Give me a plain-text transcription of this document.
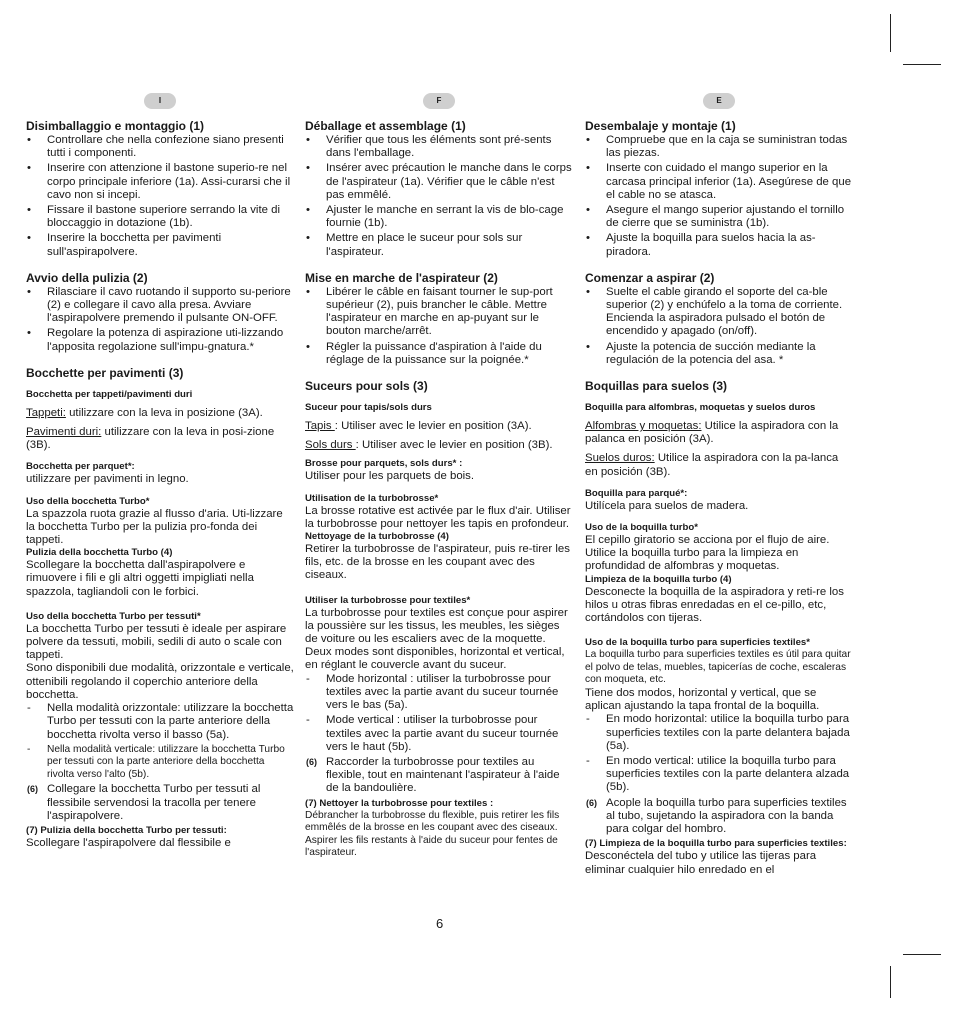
I
Disimballaggio e montaggio (1)
• Controllare che nella confezione siano presenti tutti i componenti.
• Inserire con attenzione il bastone superio-re nel corpo principale inferiore (1a). Assi-curarsi che il cavo non si incepi.
• Fissare il bastone superiore serrando la vite di bloccaggio in dotazione (1b).
• Inserire la bocchetta per pavimenti sull'aspirapolvere.
Avvio della pulizia (2)
• Rilasciare il cavo ruotando il supporto su-periore (2) e collegare il cavo alla presa. Avviare l'aspirapolvere premendo il pulsante ON-OFF.
• Regolare la potenza di aspirazione uti-lizzando l'apposita regolazione sull'impu-gnatura.*
Bocchette per pavimenti (3)
Bocchetta per tappeti/pavimenti duri

Tappeti: utilizzare con la leva in posizione (3A).

Pavimenti duri: utilizzare con la leva in posi-zione (3B).

Bocchetta per parquet*:

utilizzare per pavimenti in legno.

Uso della bocchetta Turbo*

La spazzola ruota grazie al flusso d'aria. Uti-lizzare la bocchetta Turbo per la pulizia pro-fonda dei tappeti.

Pulizia della bocchetta Turbo (4)

Scollegare la bocchetta dall'aspirapolvere e rimuovere i fili e gli altri oggetti impigliati nella spazzola, tagliandoli con le forbici.

Uso della bocchetta Turbo per tessuti*

La bocchetta Turbo per tessuti è ideale per aspirare polvere da tessuti, mobili, sedili di auto o scale con tappeti.

Sono disponibili due modalità, orizzontale e verticale, ottenibili regolando il coperchio anteriore della bocchetta.

- Nella modalità orizzontale: utilizzare la bocchetta Turbo per tessuti con la parte anteriore della bocchetta rivolta verso il basso (5a).
- Nella modalità verticale: utilizzare la bocchetta Turbo per tessuti con la parte anteriore della bocchetta rivolta verso l'alto (5b).
(6) Collegare la bocchetta Turbo per tessuti al flessibile servendosi la tracolla per tenere l'aspirapolvere.
(7) Pulizia della bocchetta Turbo per tessuti:

Scollegare l'aspirapolvere dal flessibile e

F
Déballage et assemblage (1)
• Vérifier que tous les éléments sont pré-sents dans l'emballage.
• Insérer avec précaution le manche dans le corps de l'aspirateur (1a). Vérifier que le câble n'est pas emmêlé.
• Ajuster le manche en serrant la vis de blo-cage fournie (1b).
• Mettre en place le suceur pour sols sur l'aspirateur.
Mise en marche de l'aspirateur (2)
• Libérer le câble en faisant tourner le sup-port supérieur (2), puis brancher le câble. Mettre l'aspirateur en marche en ap-puyant sur le bouton marche/arrêt.
• Régler la puissance d'aspiration à l'aide du réglage de la puissance sur la poignée.*
Suceurs pour sols (3)
Suceur pour tapis/sols durs

Tapis : Utiliser avec le levier en position (3A).

Sols durs : Utiliser avec le levier en position (3B).

Brosse pour parquets, sols durs* :

Utiliser pour les parquets de bois.

Utilisation de la turbobrosse*

La brosse rotative est activée par le flux d'air. Utiliser la turbobrosse pour nettoyer les tapis en profondeur.

Nettoyage de la turbobrosse (4)

Retirer la turbobrosse de l'aspirateur, puis re-tirer les fils, etc. de la brosse en les coupant avec des ciseaux.

Utiliser la turbobrosse pour textiles*

La turbobrosse pour textiles est conçue pour aspirer la poussière sur les tissus, les meubles, les sièges de voiture ou les escaliers avec de la moquette.

Deux modes sont disponibles, horizontal et vertical, en réglant le couvercle avant du suceur.

- Mode horizontal : utiliser la turbobrosse pour textiles avec la partie avant du suceur tournée vers le bas (5a).
- Mode vertical : utiliser la turbobrosse pour textiles avec la partie avant du suceur tournée vers le haut (5b).
(6) Raccorder la turbobrosse pour textiles au flexible, tout en maintenant l'aspirateur à l'aide de la bandoulière.
(7) Nettoyer la turbobrosse pour textiles :

Débrancher la turbobrosse du flexible, puis retirer les fils emmêlés de la brosse en les coupant avec des ciseaux. Aspirer les fils restants à l'aide du suceur pour fentes de l'aspirateur.

E
Desembalaje y montaje (1)
• Compruebe que en la caja se suministran todas las piezas.
• Inserte con cuidado el mango superior en la carcasa principal inferior (1a). Asegúrese de que el cable no se atasca.
• Asegure el mango superior ajustando el tornillo de cierre que se suministra (1b).
• Ajuste la boquilla para suelos hacia la as-piradora.
Comenzar a aspirar (2)
• Suelte el cable girando el soporte del ca-ble superior (2) y enchúfelo a la toma de corriente. Encienda la aspiradora pulsado el botón de encendido y apagado (on/off).
• Ajuste la potencia de succión mediante la regulación de la potencia del asa. *
Boquillas para suelos (3)
Boquilla para alfombras, moquetas y suelos duros

Alfombras y moquetas: Utilice la aspiradora con la palanca en posición (3A).

Suelos duros: Utilice la aspiradora con la pa-lanca en posición (3B).

Boquilla para parqué*:

Utilícela para suelos de madera.

Uso de la boquilla turbo*

El cepillo giratorio se acciona por el flujo de aire. Utilice la boquilla turbo para la limpieza en profundidad de alfombras y moquetas.

Limpieza de la boquilla turbo (4)

Desconecte la boquilla de la aspiradora y reti-re los hilos u otras fibras enredadas en el ce-pillo, etc, cortándolos con tijeras.

Uso de la boquilla turbo para superficies textiles*

La boquilla turbo para superficies textiles es útil para quitar el polvo de telas, muebles, tapicerías de coche, escaleras con moqueta, etc.

Tiene dos modos, horizontal y vertical, que se aplican ajustando la tapa frontal de la boquilla.

- En modo horizontal: utilice la boquilla turbo para superficies textiles con la parte delantera bajada (5a).
- En modo vertical: utilice la boquilla turbo para superficies textiles con la parte delantera alzada (5b).
(6) Acople la boquilla turbo para superficies textiles al tubo, sujetando la aspiradora con la banda para colgar del hombro.
(7) Limpieza de la boquilla turbo para superficies textiles:

Desconéctela del tubo y utilice las tijeras para eliminar cualquier hilo enredado en el

6
